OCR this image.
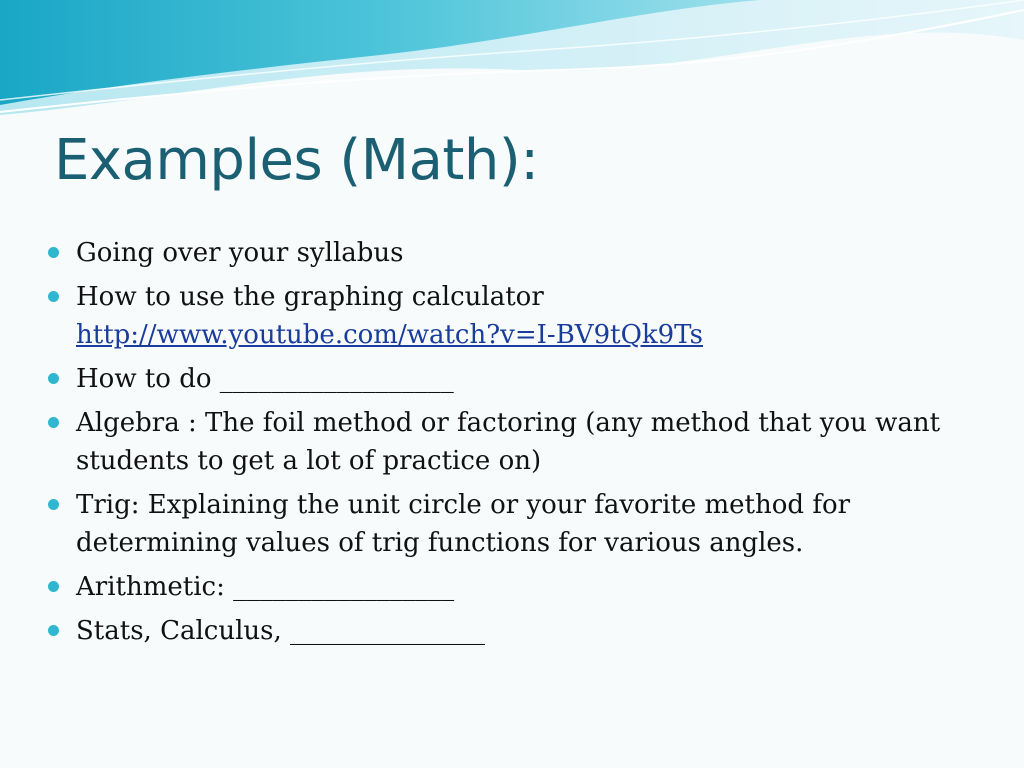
Examples (Math):
Going over your syllabus
How to use the graphing calculator
http://www.youtube.com/watch?v=I-BV9tQk9Ts
How to do __________________
Algebra : The foil method or factoring (any method that you want students to get a lot of practice on)
Trig: Explaining the unit circle or your favorite method for determining values of trig functions for various angles.
Arithmetic: _________________
Stats, Calculus, _______________
